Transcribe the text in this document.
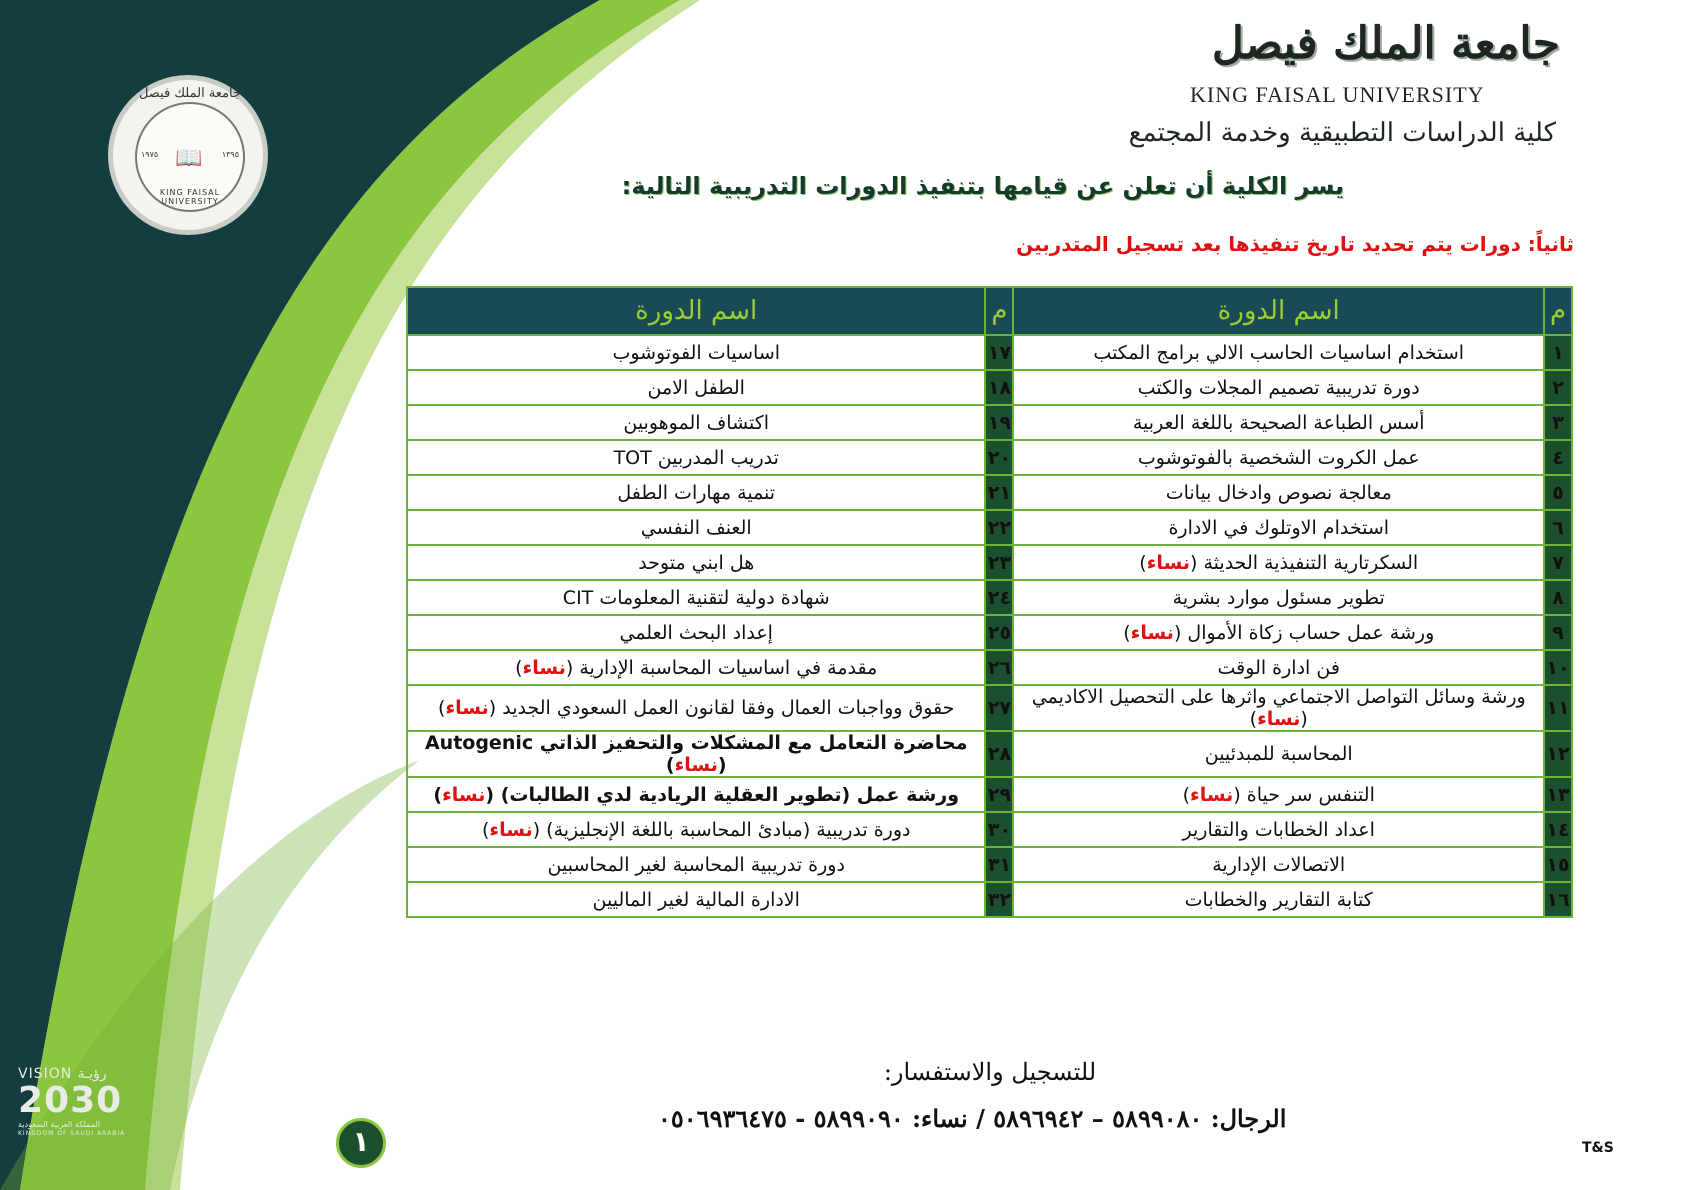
جامعة الملك فيصل
📖
١٩٧٥	١٣٩٥
KING FAISAL UNIVERSITY
جامعة الملك فيصل
KING FAISAL UNIVERSITY
كلية الدراسات التطبيقية وخدمة المجتمع
يسر الكلية أن تعلن عن قيامها بتنفيذ الدورات التدريبية التالية:
ثانياً: دورات يتم تحديد تاريخ تنفيذها بعد تسجيل المتدربين
م	اسم الدورة	م	اسم الدورة
١	استخدام اساسيات الحاسب الالي برامج المكتب	١٧	اساسيات الفوتوشوب
٢	دورة تدريبية تصميم المجلات والكتب	١٨	الطفل الامن
٣	أسس الطباعة الصحيحة باللغة العربية	١٩	اكتشاف الموهوبين
٤	عمل الكروت الشخصية بالفوتوشوب	٢٠	تدريب المدربين TOT
٥	معالجة نصوص وادخال بيانات	٢١	تنمية مهارات الطفل
٦	استخدام الاوتلوك في الادارة	٢٢	العنف النفسي
٧	السكرتارية التنفيذية الحديثة (نساء)	٢٣	هل ابني متوحد
٨	تطوير مسئول موارد بشرية	٢٤	شهادة دولية لتقنية المعلومات CIT
٩	ورشة عمل حساب زكاة الأموال (نساء)	٢٥	إعداد البحث العلمي
١٠	فن ادارة الوقت	٢٦	مقدمة في اساسيات المحاسبة الإدارية (نساء)
١١	ورشة وسائل التواصل الاجتماعي واثرها على التحصيل الاكاديمي (نساء)	٢٧	حقوق وواجبات العمال وفقا لقانون العمل السعودي الجديد (نساء)
١٢	المحاسبة للمبدئيين	٢٨	محاضرة التعامل مع المشكلات والتحفيز الذاتي Autogenic (نساء)
١٣	التنفس سر حياة (نساء)	٢٩	ورشة عمل (تطوير العقلية الريادية لدي الطالبات) (نساء)
١٤	اعداد الخطابات والتقارير	٣٠	دورة تدريبية (مبادئ المحاسبة باللغة الإنجليزية) (نساء)
١٥	الاتصالات الإدارية	٣١	دورة تدريبية المحاسبة لغير المحاسبين
١٦	كتابة التقارير والخطابات	٣٢	الادارة المالية لغير الماليين
للتسجيل والاستفسار:
الرجال: ٥٨٩٩٠٨٠ – ٥٨٩٦٩٤٢ / نساء: ٥٨٩٩٠٩٠ - ٠٥٠٦٩٣٦٤٧٥
١	T&S
VISION رؤيـة
2030
المملكة العربية السعودية
KINGDOM OF SAUDI ARABIA
